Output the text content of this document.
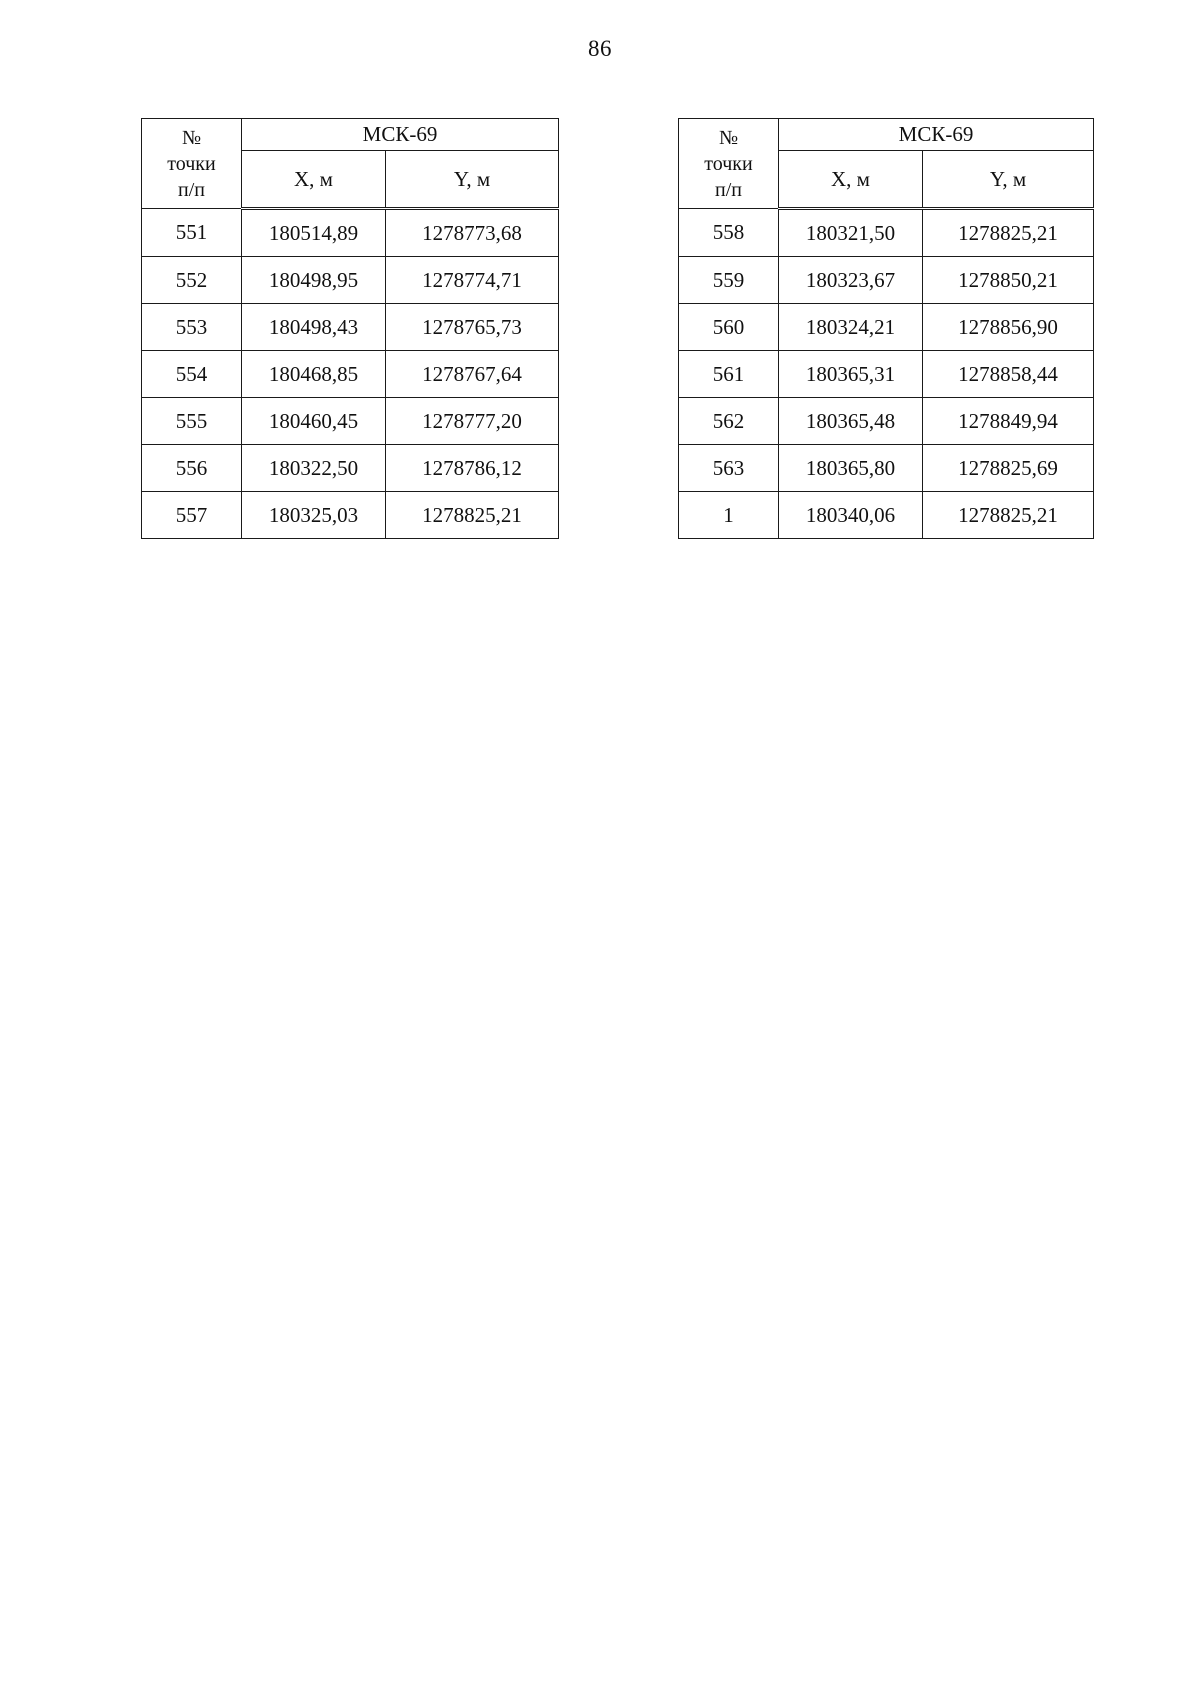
86
№
точки
п/п	МСК-69	
	X, м	Y, м
551	180514,89	1278773,68
552	180498,95	1278774,71
553	180498,43	1278765,73
554	180468,85	1278767,64
555	180460,45	1278777,20
556	180322,50	1278786,12
557	180325,03	1278825,21
№
точки
п/п	МСК-69	
	X, м	Y, м
558	180321,50	1278825,21
559	180323,67	1278850,21
560	180324,21	1278856,90
561	180365,31	1278858,44
562	180365,48	1278849,94
563	180365,80	1278825,69
1	180340,06	1278825,21
